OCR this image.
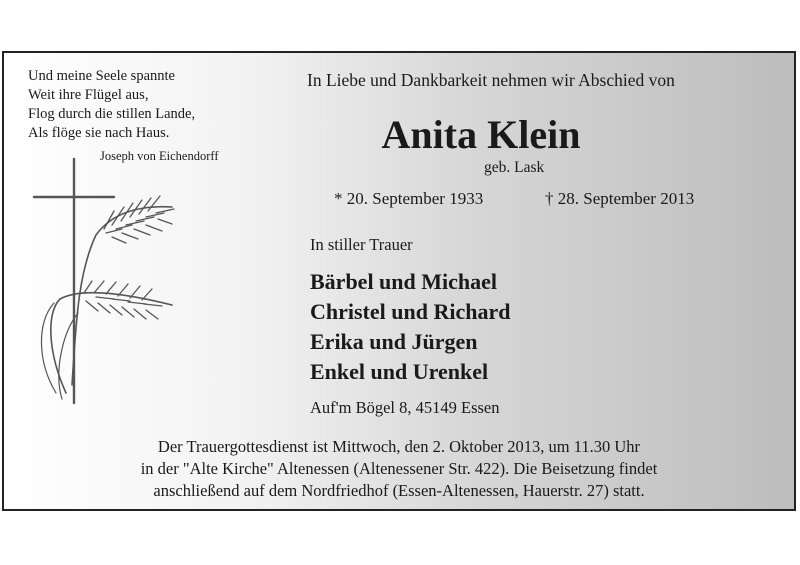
Und meine Seele spannte
Weit ihre Flügel aus,
Flog durch die stillen Lande,
Als flöge sie nach Haus.
Joseph von Eichendorff
In Liebe und Dankbarkeit nehmen wir Abschied von
Anita Klein
geb. Lask
* 20. September 1933	† 28. September 2013
In stiller Trauer
Bärbel und Michael
Christel und Richard
Erika und Jürgen
Enkel und Urenkel
Auf'm Bögel 8, 45149 Essen
Der Trauergottesdienst ist Mittwoch, den 2. Oktober 2013, um 11.30 Uhr
in der "Alte Kirche" Altenessen (Altenessener Str. 422). Die Beisetzung findet
anschließend auf dem Nordfriedhof (Essen-Altenessen, Hauerstr. 27) statt.
